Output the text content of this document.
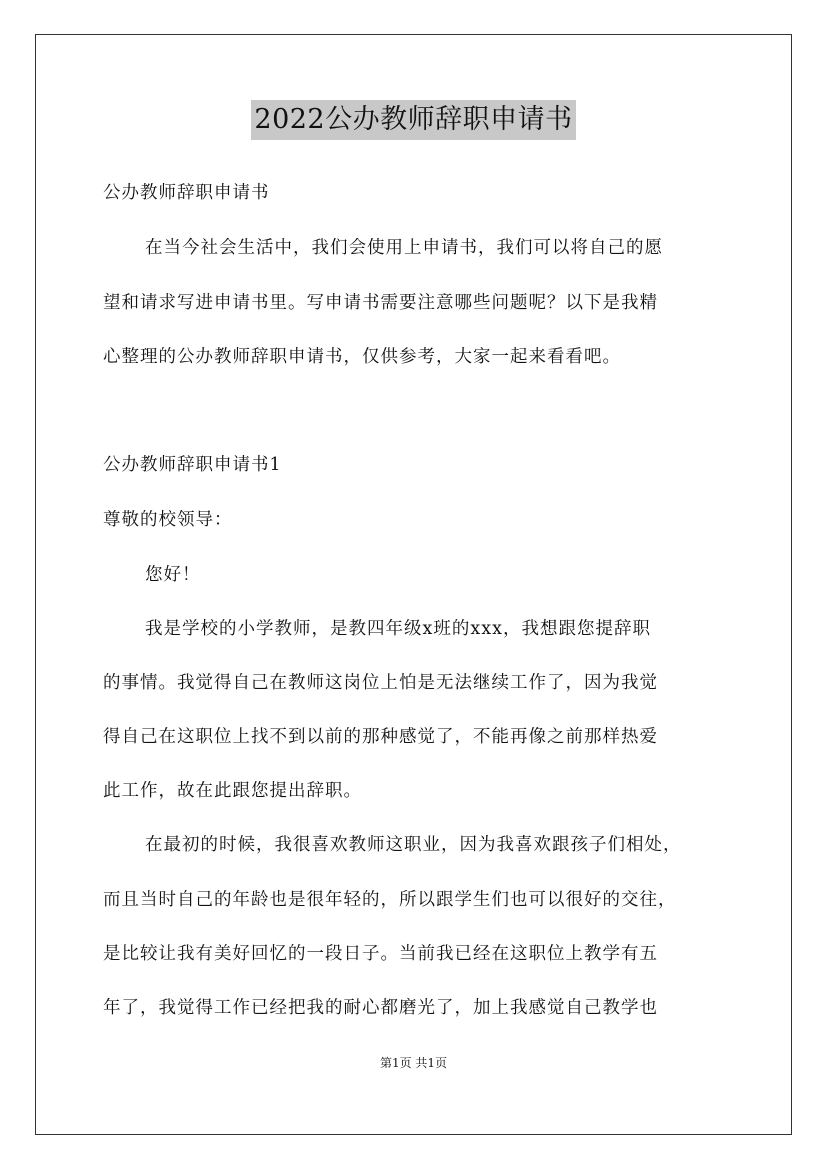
2022公办教师辞职申请书
公办教师辞职申请书
在当今社会生活中，我们会使用上申请书，我们可以将自己的愿
望和请求写进申请书里。写申请书需要注意哪些问题呢？以下是我精
心整理的公办教师辞职申请书，仅供参考，大家一起来看看吧。
公办教师辞职申请书1
尊敬的校领导：
您好！
我是学校的小学教师，是教四年级x班的xxx，我想跟您提辞职
的事情。我觉得自己在教师这岗位上怕是无法继续工作了，因为我觉
得自己在这职位上找不到以前的那种感觉了，不能再像之前那样热爱
此工作，故在此跟您提出辞职。
在最初的时候，我很喜欢教师这职业，因为我喜欢跟孩子们相处，
而且当时自己的年龄也是很年轻的，所以跟学生们也可以很好的交往，
是比较让我有美好回忆的一段日子。当前我已经在这职位上教学有五
年了，我觉得工作已经把我的耐心都磨光了，加上我感觉自己教学也
第1页 共1页
